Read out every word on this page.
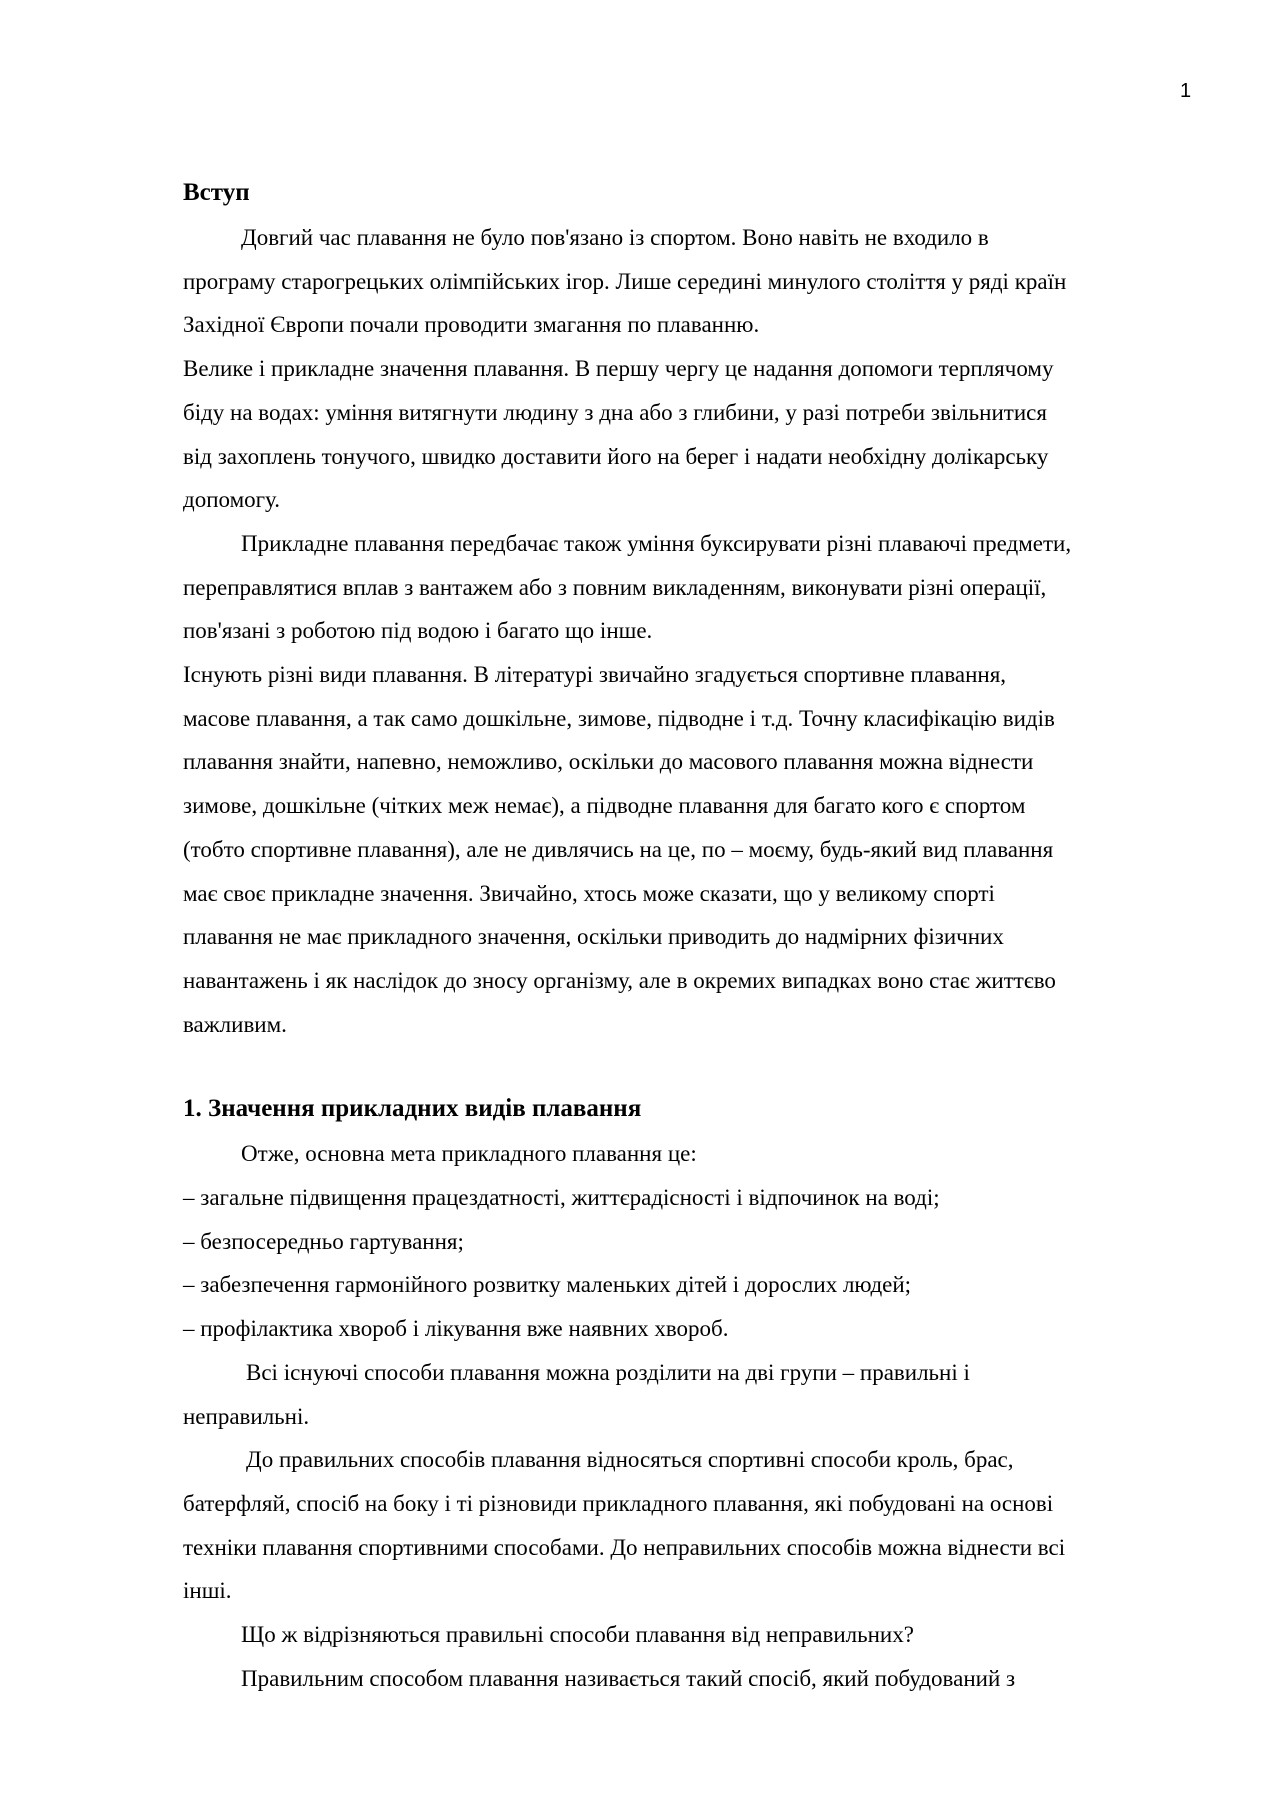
1
Вступ
Довгий час плавання не було пов'язано із спортом. Воно навіть не входило в
програму старогрецьких олімпійських ігор. Лише середині минулого століття у ряді країн
Західної Європи почали проводити змагання по плаванню.
Велике і прикладне значення плавання. В першу чергу це надання допомоги терплячому
біду на водах: уміння витягнути людину з дна або з глибини, у разі потреби звільнитися
від захоплень тонучого, швидко доставити його на берег і надати необхідну долікарську
допомогу.
Прикладне плавання передбачає також уміння буксирувати різні плаваючі предмети,
переправлятися вплав з вантажем або з повним викладенням, виконувати різні операції,
пов'язані з роботою під водою і багато що інше.
Існують різні види плавання. В літературі звичайно згадується спортивне плавання,
масове плавання, а так само дошкільне, зимове, підводне і т.д. Точну класифікацію видів
плавання знайти, напевно, неможливо, оскільки до масового плавання можна віднести
зимове, дошкільне (чітких меж немає), а підводне плавання для багато кого є спортом
(тобто спортивне плавання), але не дивлячись на це, по – моєму, будь-який вид плавання
має своє прикладне значення. Звичайно, хтось може сказати, що у великому спорті
плавання не має прикладного значення, оскільки приводить до надмірних фізичних
навантажень і як наслідок до зносу організму, але в окремих випадках воно стає життєво
важливим.
1. Значення прикладних видів плавання
Отже, основна мета прикладного плавання це:
– загальне підвищення працездатності, життєрадісності і відпочинок на воді;
– безпосередньо гартування;
– забезпечення гармонійного розвитку маленьких дітей і дорослих людей;
– профілактика хвороб і лікування вже наявних хвороб.
Всі існуючі способи плавання можна розділити на дві групи – правильні і
неправильні.
До правильних способів плавання відносяться спортивні способи кроль, брас,
батерфляй, спосіб на боку і ті різновиди прикладного плавання, які побудовані на основі
техніки плавання спортивними способами. До неправильних способів можна віднести всі
інші.
Що ж відрізняються правильні способи плавання від неправильних?
Правильним способом плавання називається такий спосіб, який побудований з
